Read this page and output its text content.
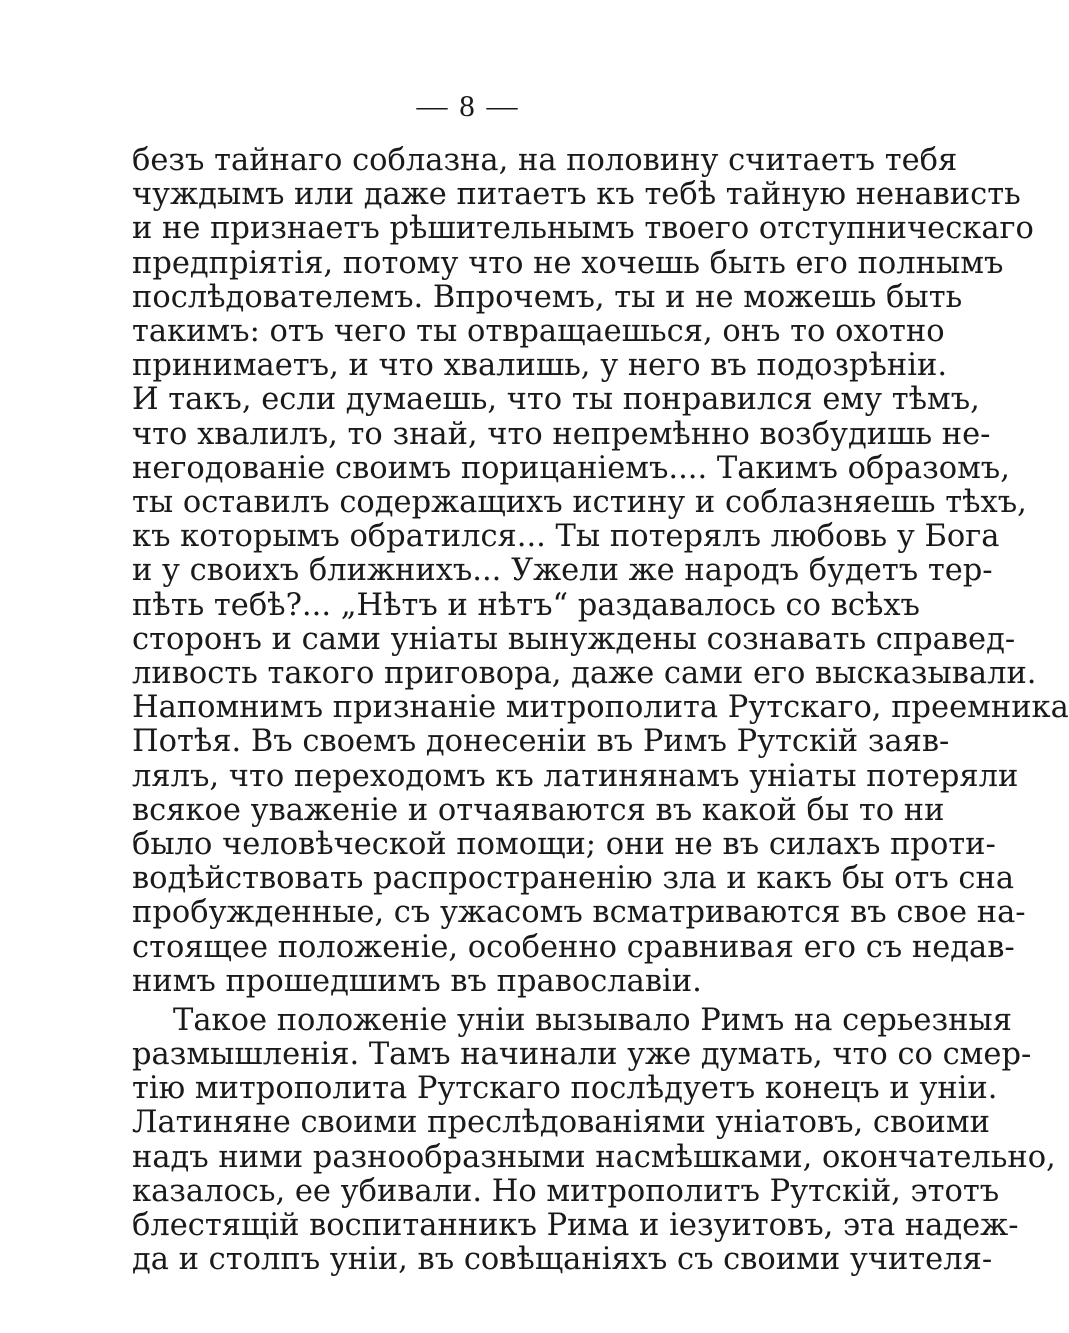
— 8 —
безъ тайнаго соблазна, на половину считаетъ тебя
чуждымъ или даже питаетъ къ тебѣ тайную ненависть
и не признаетъ рѣшительнымъ твоего отступническаго
предпріятія, потому что не хочешь быть его полнымъ
послѣдователемъ. Впрочемъ, ты и не можешь быть
такимъ: отъ чего ты отвращаешься, онъ то охотно
принимаетъ, и что хвалишь, у него въ подозрѣніи.
И такъ, если думаешь, что ты понравился ему тѣмъ,
что хвалилъ, то знай, что непремѣнно возбудишь не-
негодованіе своимъ порицаніемъ.... Такимъ образомъ,
ты оставилъ содержащихъ истину и соблазняешь тѣхъ,
къ которымъ обратился... Ты потерялъ любовь у Бога
и у своихъ ближнихъ... Ужели же народъ будетъ тер-
пѣть тебѣ?... „Нѣтъ и нѣтъ“ раздавалось со всѣхъ
сторонъ и сами уніаты вынуждены сознавать справед-
ливость такого приговора, даже сами его высказывали.
Напомнимъ признаніе митрополита Рутскаго, преемника
Потѣя. Въ своемъ донесеніи въ Римъ Рутскій заяв-
лялъ, что переходомъ къ латинянамъ уніаты потеряли
всякое уваженіе и отчаяваются въ какой бы то ни
было человѣческой помощи; они не въ силахъ проти-
водѣйствовать распространенію зла и какъ бы отъ сна
пробужденные, съ ужасомъ всматриваются въ свое на-
стоящее положеніе, особенно сравнивая его съ недав-
нимъ прошедшимъ въ православіи.
Такое положеніе уніи вызывало Римъ на серьезныя
размышленія. Тамъ начинали уже думать, что со смер-
тію митрополита Рутскаго послѣдуетъ конецъ и уніи.
Латиняне своими преслѣдованіями уніатовъ, своими
надъ ними разнообразными насмѣшками, окончательно,
казалось, ее убивали. Но митрополитъ Рутскій, этотъ
блестящій воспитанникъ Рима и іезуитовъ, эта надеж-
да и столпъ уніи, въ совѣщаніяхъ съ своими учителя-
